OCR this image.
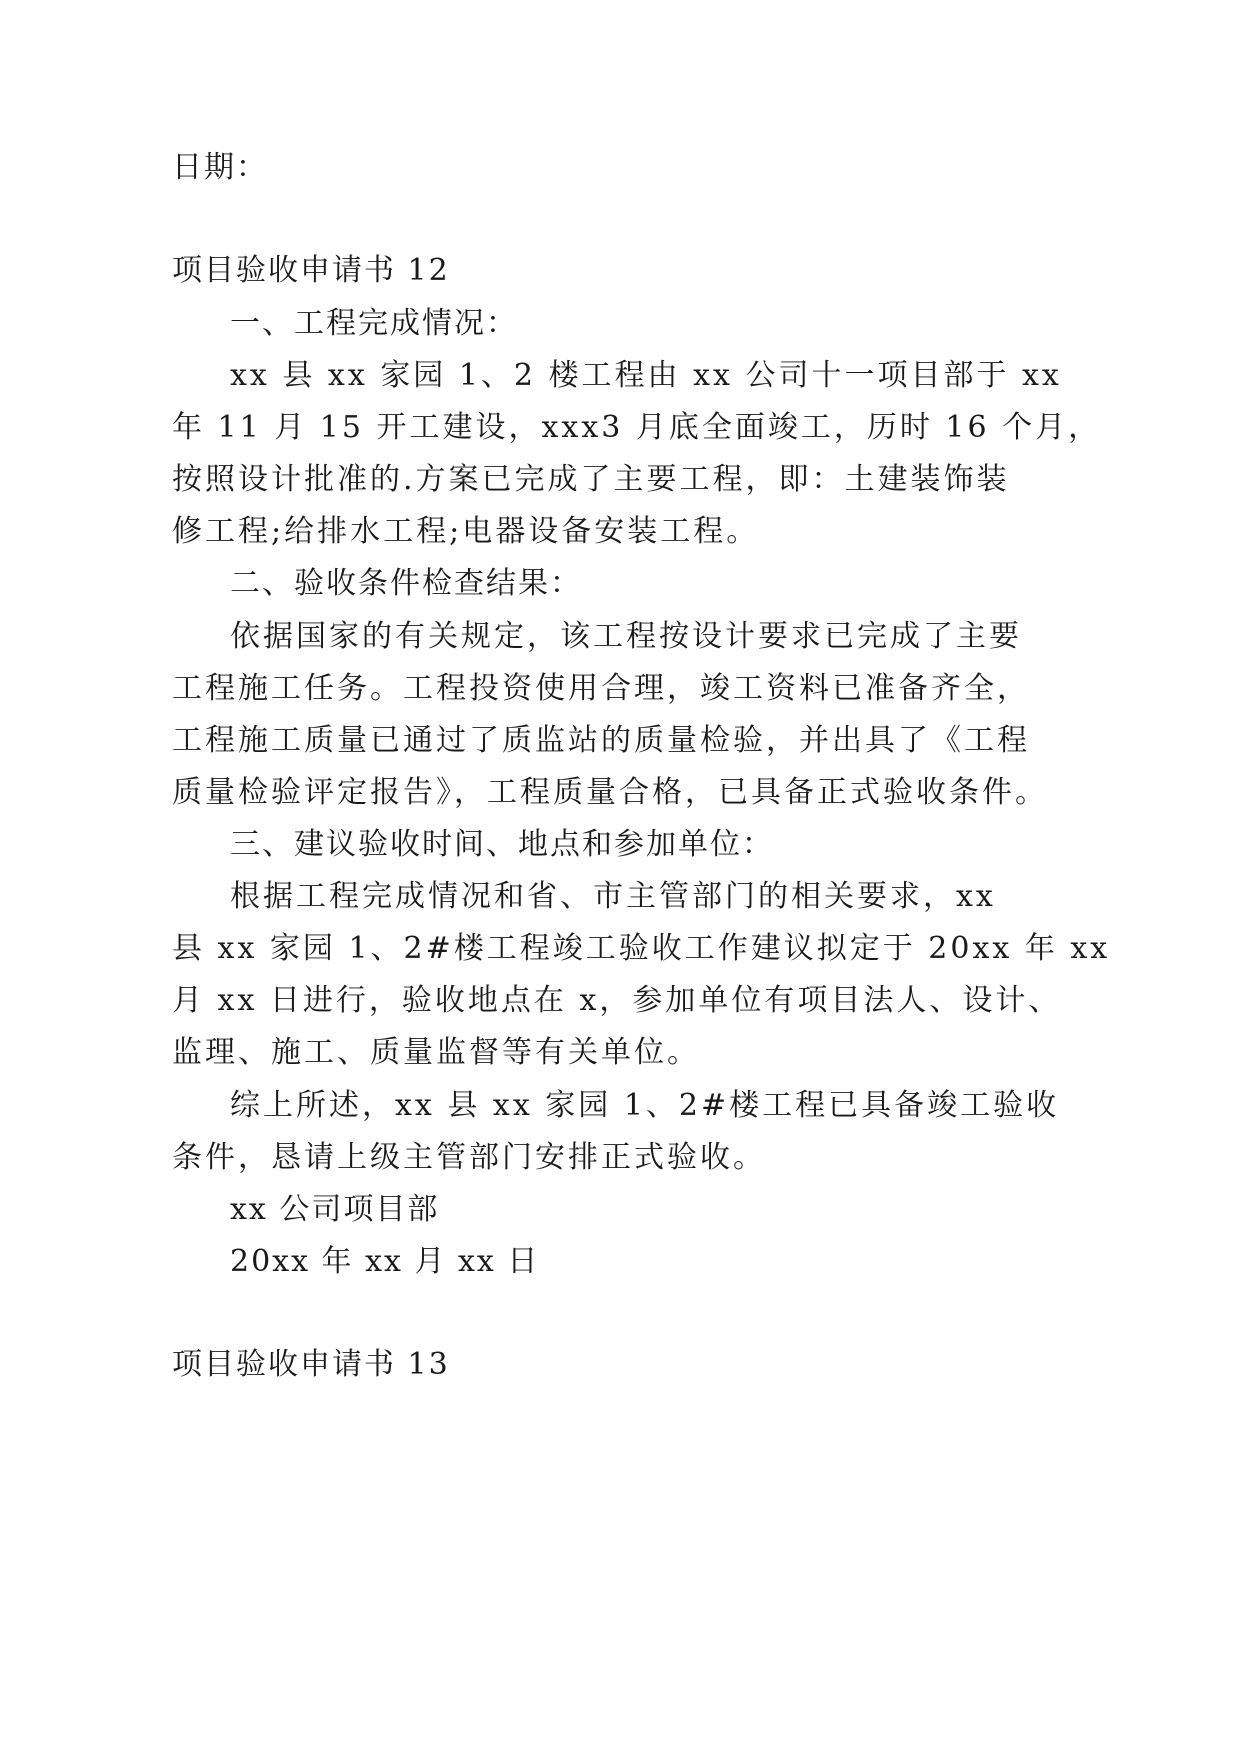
日期：

项目验收申请书 12

一、工程完成情况：

xx 县 xx 家园 1、2 楼工程由 xx 公司十一项目部于 xx

年 11 月 15 开工建设，xxx3 月底全面竣工，历时 16 个月，

按照设计批准的.方案已完成了主要工程，即：土建装饰装

修工程;给排水工程;电器设备安装工程。

二、验收条件检查结果：

依据国家的有关规定，该工程按设计要求已完成了主要

工程施工任务。工程投资使用合理，竣工资料已准备齐全，

工程施工质量已通过了质监站的质量检验，并出具了《工程

质量检验评定报告》，工程质量合格，已具备正式验收条件。

三、建议验收时间、地点和参加单位：

根据工程完成情况和省、市主管部门的相关要求，xx

县 xx 家园 1、2#楼工程竣工验收工作建议拟定于 20xx 年 xx

月 xx 日进行，验收地点在 x，参加单位有项目法人、设计、

监理、施工、质量监督等有关单位。

综上所述，xx 县 xx 家园 1、2#楼工程已具备竣工验收

条件，恳请上级主管部门安排正式验收。

xx 公司项目部

20xx 年 xx 月 xx 日

项目验收申请书 13
